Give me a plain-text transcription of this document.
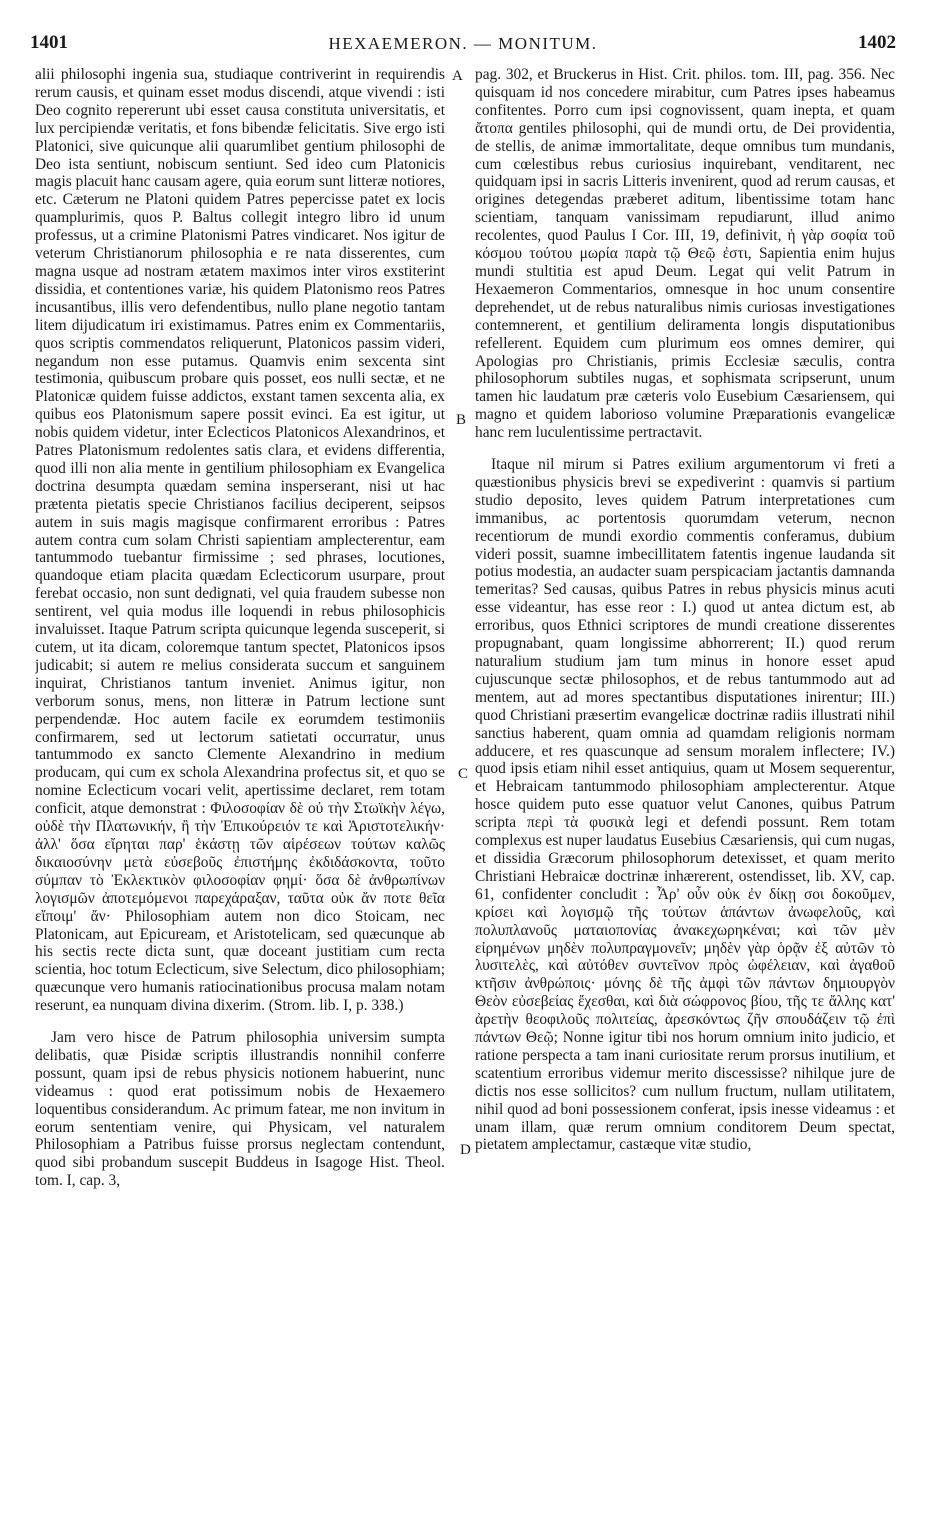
1401	HEXAEMERON. — MONITUM.	1402

alii philosophi ingenia sua, studiaque contriverint in requirendis rerum causis, et quinam esset modus discendi, atque vivendi : isti Deo cognito repererunt ubi esset causa constituta universitatis, et lux percipiendæ veritatis, et fons bibendæ felicitatis. Sive ergo isti Platonici, sive quicunque alii quarumlibet gentium philosophi de Deo ista sentiunt, nobiscum sentiunt. Sed ideo cum Platonicis magis placuit hanc causam agere, quia eorum sunt litteræ notiores, etc. Cæterum ne Platoni quidem Patres pepercisse patet ex locis quamplurimis, quos P. Baltus collegit integro libro id unum professus, ut a crimine Platonismi Patres vindicaret. Nos igitur de veterum Christianorum philosophia e re nata disserentes, cum magna usque ad nostram ætatem maximos inter viros exstiterint dissidia, et contentiones variæ, his quidem Platonismo reos Patres incusantibus, illis vero defendentibus, nullo plane negotio tantam litem dijudicatum iri existimamus. Patres enim ex Commentariis, quos scriptis commendatos reliquerunt, Platonicos passim videri, negandum non esse putamus. Quamvis enim sexcenta sint testimonia, quibuscum probare quis posset, eos nulli sectæ, et ne Platonicæ quidem fuisse addictos, exstant tamen sexcenta alia, ex quibus eos Platonismum sapere possit evinci. Ea est igitur, ut nobis quidem videtur, inter Eclecticos Platonicos Alexandrinos, et Patres Platonismum redolentes satis clara, et evidens differentia, quod illi non alia mente in gentilium philosophiam ex Evangelica doctrina desumpta quædam semina insperserant, nisi ut hac prætenta pietatis specie Christianos facilius deciperent, seipsos autem in suis magis magisque confirmarent erroribus : Patres autem contra cum solam Christi sapientiam amplecterentur, eam tantummodo tuebantur firmissime ; sed phrases, locutiones, quandoque etiam placita quædam Eclecticorum usurpare, prout ferebat occasio, non sunt dedignati, vel quia fraudem subesse non sentirent, vel quia modus ille loquendi in rebus philosophicis invaluisset. Itaque Patrum scripta quicunque legenda susceperit, si cutem, ut ita dicam, coloremque tantum spectet, Platonicos ipsos judicabit; si autem re melius considerata succum et sanguinem inquirat, Christianos tantum inveniet. Animus igitur, non verborum sonus, mens, non litteræ in Patrum lectione sunt perpendendæ. Hoc autem facile ex eorumdem testimoniis confirmarem, sed ut lectorum satietati occurratur, unus tantummodo ex sancto Clemente Alexandrino in medium producam, qui cum ex schola Alexandrina profectus sit, et quo se nomine Eclecticum vocari velit, apertissime declaret, rem totam conficit, atque demonstrat : Φιλοσοφίαν δὲ οὐ τὴν Στωϊκὴν λέγω, οὐδὲ τὴν Πλατωνικήν, ἢ τὴν Ἐπικούρειόν τε καὶ Ἀριστοτελικήν· ἀλλ' ὅσα εἴρηται παρ' ἑκάστῃ τῶν αἱρέσεων τούτων καλῶς δικαιοσύνην μετὰ εὐσεβοῦς ἐπιστήμης ἐκδιδάσκοντα, τοῦτο σύμπαν τὸ Ἐκλεκτικὸν φιλοσοφίαν φημί· ὅσα δὲ ἀνθρωπίνων λογισμῶν ἀποτεμόμενοι παρεχάραξαν, ταῦτα οὐκ ἄν ποτε θεῖα εἴποιμ' ἄν· Philosophiam autem non dico Stoicam, nec Platonicam, aut Epicuream, et Aristotelicam, sed quæcunque ab his sectis recte dicta sunt, quæ doceant justitiam cum recta scientia, hoc totum Eclecticum, sive Selectum, dico philosophiam; quæcunque vero humanis ratiocinationibus procusa malam notam reserunt, ea nunquam divina dixerim. (Strom. lib. I, p. 338.)

Jam vero hisce de Patrum philosophia universim sumpta delibatis, quæ Pisidæ scriptis illustrandis nonnihil conferre possunt, quam ipsi de rebus physicis notionem habuerint, nunc videamus : quod erat potissimum nobis de Hexaemero loquentibus considerandum. Ac primum fatear, me non invitum in eorum sententiam venire, qui Physicam, vel naturalem Philosophiam a Patribus fuisse prorsus neglectam contendunt, quod sibi probandum suscepit Buddeus in Isagoge Hist. Theol. tom. I, cap. 3,

pag. 302, et Bruckerus in Hist. Crit. philos. tom. III, pag. 356. Nec quisquam id nos concedere mirabitur, cum Patres ipses habeamus confitentes. Porro cum ipsi cognovissent, quam inepta, et quam ἄτοπα gentiles philosophi, qui de mundi ortu, de Dei providentia, de stellis, de animæ immortalitate, deque omnibus tum mundanis, cum cœlestibus rebus curiosius inquirebant, venditarent, nec quidquam ipsi in sacris Litteris invenirent, quod ad rerum causas, et origines detegendas præberet aditum, libentissime totam hanc scientiam, tanquam vanissimam repudiarunt, illud animo recolentes, quod Paulus I Cor. III, 19, definivit, ἡ γὰρ σοφία τοῦ κόσμου τούτου μωρία παρὰ τῷ Θεῷ ἐστι, Sapientia enim hujus mundi stultitia est apud Deum. Legat qui velit Patrum in Hexaemeron Commentarios, omnesque in hoc unum consentire deprehendet, ut de rebus naturalibus nimis curiosas investigationes contemnerent, et gentilium deliramenta longis disputationibus refellerent. Equidem cum plurimum eos omnes demirer, qui Apologias pro Christianis, primis Ecclesiæ sæculis, contra philosophorum subtiles nugas, et sophismata scripserunt, unum tamen hic laudatum præ cæteris volo Eusebium Cæsariensem, qui magno et quidem laborioso volumine Præparationis evangelicæ hanc rem luculentissime pertractavit.

Itaque nil mirum si Patres exilium argumentorum vi freti a quæstionibus physicis brevi se expediverint : quamvis si partium studio deposito, leves quidem Patrum interpretationes cum immanibus, ac portentosis quorumdam veterum, necnon recentiorum de mundi exordio commentis conferamus, dubium videri possit, suamne imbecillitatem fatentis ingenue laudanda sit potius modestia, an audacter suam perspicaciam jactantis damnanda temeritas? Sed causas, quibus Patres in rebus physicis minus acuti esse videantur, has esse reor : I.) quod ut antea dictum est, ab erroribus, quos Ethnici scriptores de mundi creatione disserentes propugnabant, quam longissime abhorrerent; II.) quod rerum naturalium studium jam tum minus in honore esset apud cujuscunque sectæ philosophos, et de rebus tantummodo aut ad mentem, aut ad mores spectantibus disputationes inirentur; III.) quod Christiani præsertim evangelicæ doctrinæ radiis illustrati nihil sanctius haberent, quam omnia ad quamdam religionis normam adducere, et res quascunque ad sensum moralem inflectere; IV.) quod ipsis etiam nihil esset antiquius, quam ut Mosem sequerentur, et Hebraicam tantummodo philosophiam amplecterentur. Atque hosce quidem puto esse quatuor velut Canones, quibus Patrum scripta περὶ τὰ φυσικὰ legi et defendi possunt. Rem totam complexus est nuper laudatus Eusebius Cæsariensis, qui cum nugas, et dissidia Græcorum philosophorum detexisset, et quam merito Christiani Hebraicæ doctrinæ inhærerent, ostendisset, lib. XV, cap. 61, confidenter concludit : Ἆρ' οὖν οὐκ ἐν δίκῃ σοι δοκοῦμεν, κρίσει καὶ λογισμῷ τῆς τούτων ἁπάντων ἀνωφελοῦς, καὶ πολυπλανοῦς ματαιοπονίας ἀνακεχωρηκέναι; καὶ τῶν μὲν εἰρημένων μηδὲν πολυπραγμονεῖν; μηδὲν γὰρ ὁρᾷν ἐξ αὐτῶν τὸ λυσιτελὲς, καὶ αὐτόθεν συντεῖνον πρὸς ὠφέλειαν, καὶ ἀγαθοῦ κτῆσιν ἀνθρώποις· μόνης δὲ τῆς ἀμφὶ τῶν πάντων δημιουργὸν Θεὸν εὐσεβείας ἔχεσθαι, καὶ διὰ σώφρονος βίου, τῆς τε ἄλλης κατ' ἀρετὴν θεοφιλοῦς πολιτείας, ἀρεσκόντως ζῆν σπουδάζειν τῷ ἐπὶ πάντων Θεῷ; Nonne igitur tibi nos horum omnium inito judicio, et ratione perspecta a tam inani curiositate rerum prorsus inutilium, et scatentium erroribus videmur merito discessisse? nihilque jure de dictis nos esse sollicitos? cum nullum fructum, nullam utilitatem, nihil quod ad boni possessionem conferat, ipsis inesse videamus : et unam illam, quæ rerum omnium conditorem Deum spectat, pietatem amplectamur, castæque vitæ studio,

A
B
C
D
